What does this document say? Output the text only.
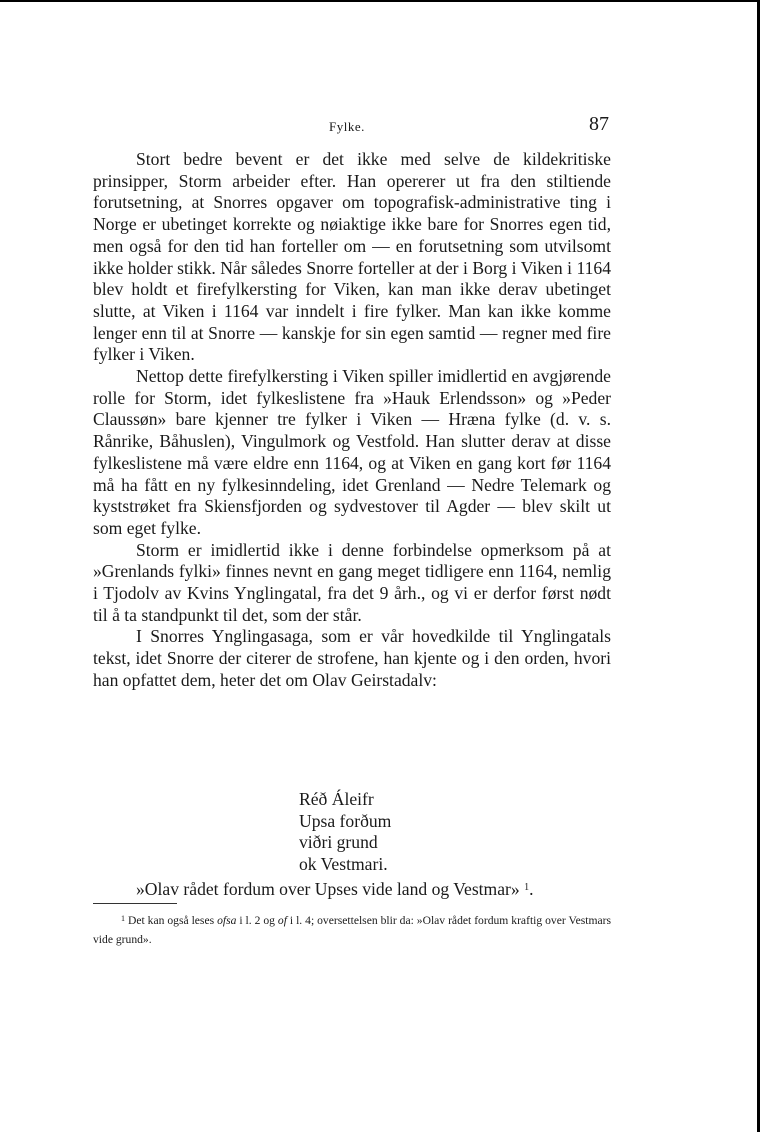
Fylke.	87

Stort bedre bevent er det ikke med selve de kildekritiske prinsipper, Storm arbeider efter. Han opererer ut fra den stiltiende forutsetning, at Snorres opgaver om topografisk-administrative ting i Norge er ubetinget korrekte og nøiaktige ikke bare for Snorres egen tid, men også for den tid han forteller om — en forutsetning som utvilsomt ikke holder stikk. Når således Snorre forteller at der i Borg i Viken i 1164 blev holdt et firefylkersting for Viken, kan man ikke derav ubetinget slutte, at Viken i 1164 var inndelt i fire fylker. Man kan ikke komme lenger enn til at Snorre — kanskje for sin egen samtid — regner med fire fylker i Viken.

Nettop dette firefylkersting i Viken spiller imidlertid en avgjørende rolle for Storm, idet fylkeslistene fra »Hauk Erlendsson» og »Peder Claussøn» bare kjenner tre fylker i Viken — Hræna fylke (d. v. s. Rånrike, Båhuslen), Vingulmork og Vestfold. Han slutter derav at disse fylkeslistene må være eldre enn 1164, og at Viken en gang kort før 1164 må ha fått en ny fylkesinndeling, idet Grenland — Nedre Telemark og kyststrøket fra Skiensfjorden og sydvestover til Agder — blev skilt ut som eget fylke.

Storm er imidlertid ikke i denne forbindelse opmerksom på at »Grenlands fylki» finnes nevnt en gang meget tidligere enn 1164, nemlig i Tjodolv av Kvins Ynglingatal, fra det 9 årh., og vi er derfor først nødt til å ta standpunkt til det, som der står.

I Snorres Ynglingasaga, som er vår hovedkilde til Ynglingatals tekst, idet Snorre der citerer de strofene, han kjente og i den orden, hvori han opfattet dem, heter det om Olav Geirstadalv:

Réð Áleifr
Upsa forðum
viðri grund
ok Vestmari.
»Olav rådet fordum over Upses vide land og Vestmar» $^1$.
$^1$ Det kan også leses ofsa i l. 2 og of i l. 4; oversettelsen blir da: »Olav rådet fordum kraftig over Vestmars vide grund».
